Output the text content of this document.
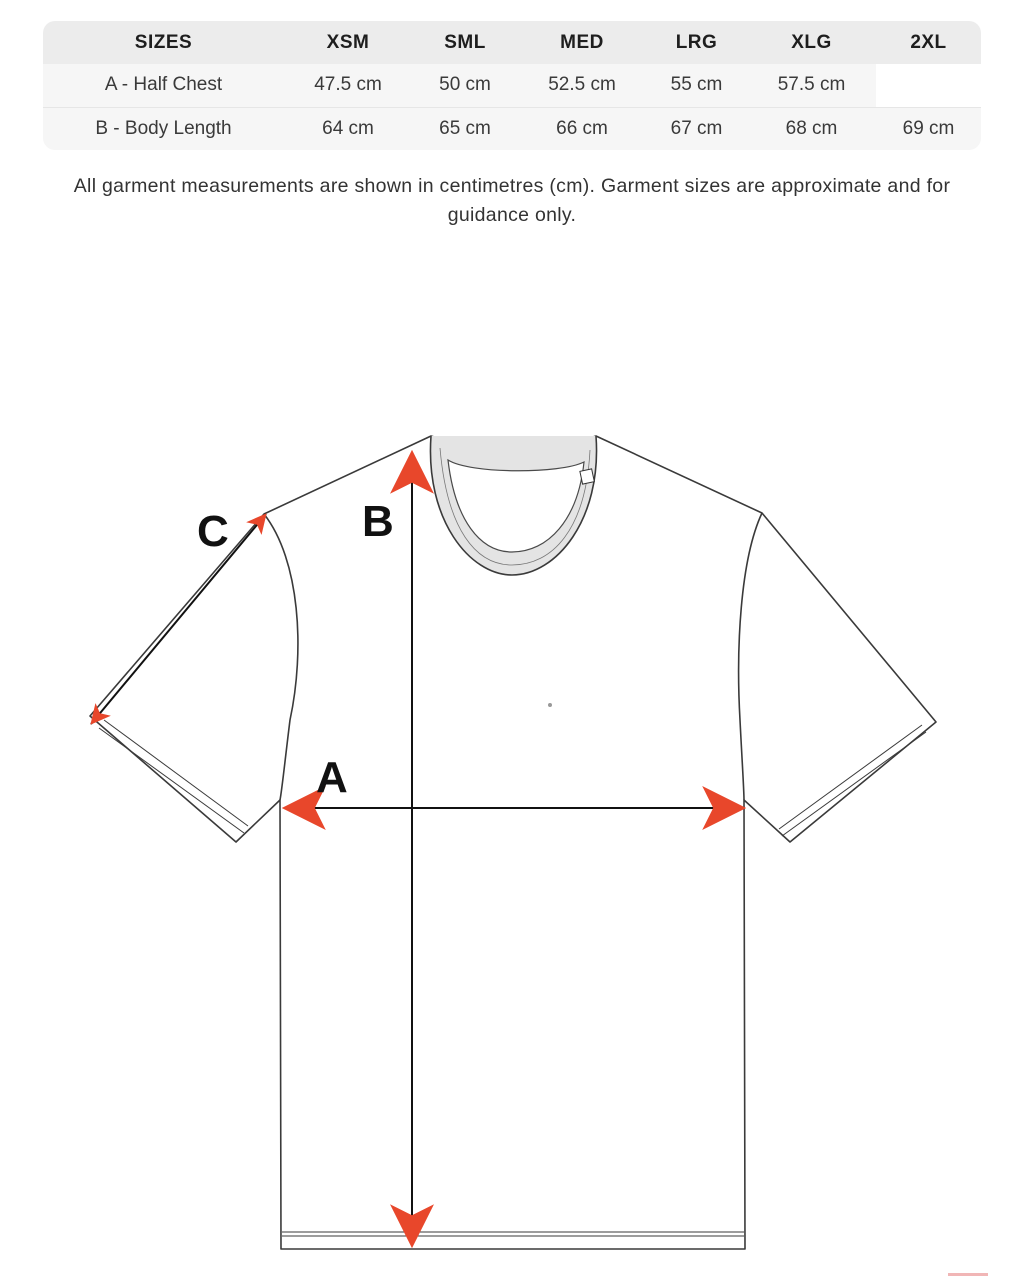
SIZES	XSM	SML	MED	LRG	XLG	2XL
A - Half Chest	47.5 cm	50 cm	52.5 cm	55 cm	57.5 cm	
B - Body Length	64 cm	65 cm	66 cm	67 cm	68 cm	69 cm
All garment measurements are shown in centimetres (cm). Garment sizes are approximate and for guidance only.
C	B
A
